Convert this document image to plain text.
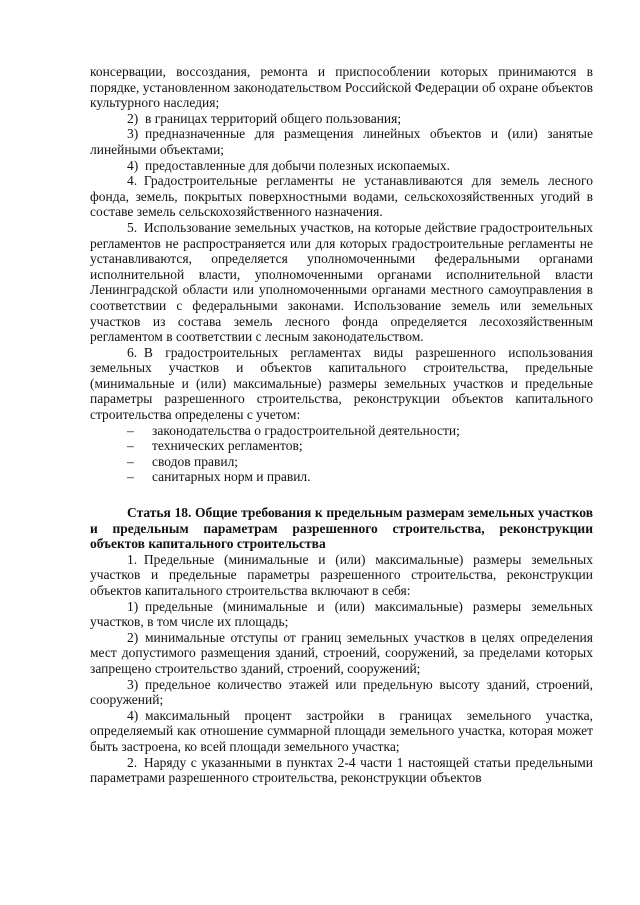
консервации, воссоздания, ремонта и приспособлении которых принимаются в порядке, установленном законодательством Российской Федерации об охране объектов культурного наследия;

2) в границах территорий общего пользования;

3) предназначенные для размещения линейных объектов и (или) занятые линейными объектами;

4) предоставленные для добычи полезных ископаемых.

4. Градостроительные регламенты не устанавливаются для земель лесного фонда, земель, покрытых поверхностными водами, сельскохозяйственных угодий в составе земель сельскохозяйственного назначения.

5. Использование земельных участков, на которые действие градостроительных регламентов не распространяется или для которых градостроительные регламенты не устанавливаются, определяется уполномоченными федеральными органами исполнительной власти, уполномоченными органами исполнительной власти Ленинградской области или уполномоченными органами местного самоуправления в соответствии с федеральными законами. Использование земель или земельных участков из состава земель лесного фонда определяется лесохозяйственным регламентом в соответствии с лесным законодательством.

6. В градостроительных регламентах виды разрешенного использования земельных участков и объектов капитального строительства, предельные (минимальные и (или) максимальные) размеры земельных участков и предельные параметры разрешенного строительства, реконструкции объектов капитального строительства определены с учетом:

– законодательства о градостроительной деятельности;

– технических регламентов;

– сводов правил;

– санитарных норм и правил.

Статья 18. Общие требования к предельным размерам земельных участков и предельным параметрам разрешенного строительства, реконструкции объектов капитального строительства

1. Предельные (минимальные и (или) максимальные) размеры земельных участков и предельные параметры разрешенного строительства, реконструкции объектов капитального строительства включают в себя:

1) предельные (минимальные и (или) максимальные) размеры земельных участков, в том числе их площадь;

2) минимальные отступы от границ земельных участков в целях определения мест допустимого размещения зданий, строений, сооружений, за пределами которых запрещено строительство зданий, строений, сооружений;

3) предельное количество этажей или предельную высоту зданий, строений, сооружений;

4) максимальный процент застройки в границах земельного участка, определяемый как отношение суммарной площади земельного участка, которая может быть застроена, ко всей площади земельного участка;

2. Наряду с указанными в пунктах 2-4 части 1 настоящей статьи предельными параметрами разрешенного строительства, реконструкции объектов
